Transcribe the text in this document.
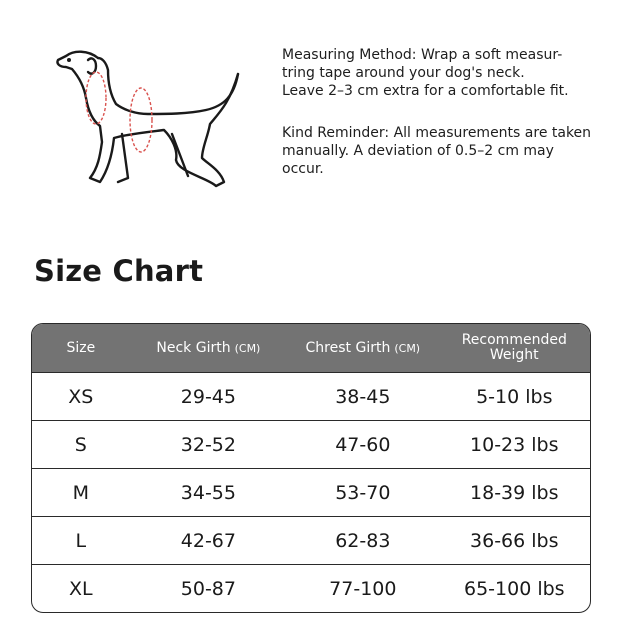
Measuring Method: Wrap a soft measur-
tring tape around your dog's neck.
Leave 2–3 cm extra for a comfortable fit.

Kind Reminder: All measurements are taken
manually. A deviation of 0.5–2 cm may
occur.

Size Chart
Size	Neck Girth (CM)	Chrest Girth (CM)	Recommended
Weight
XS	29-45	38-45	5-10 lbs
S	32-52	47-60	10-23 lbs
M	34-55	53-70	18-39 lbs
L	42-67	62-83	36-66 lbs
XL	50-87	77-100	65-100 lbs
